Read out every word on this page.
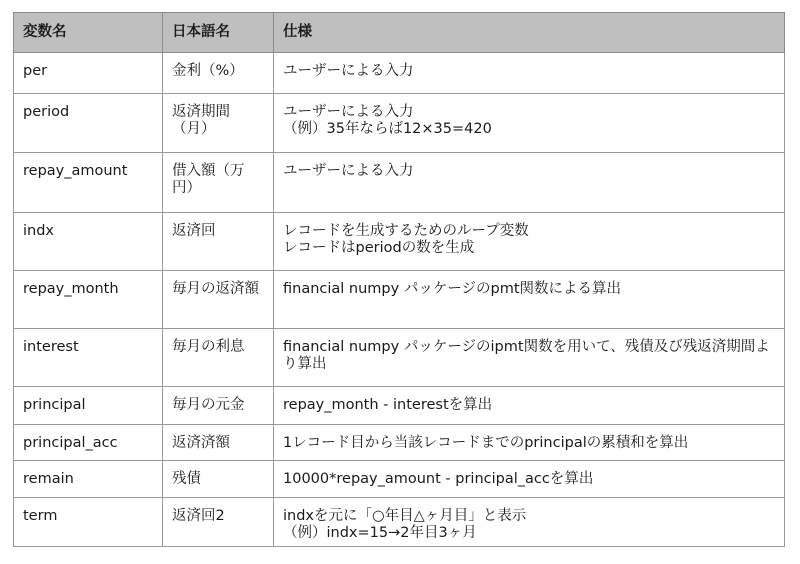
変数名	日本語名	仕様
per	金利（%）	ユーザーによる入力

period	返済期間（月）	ユーザーによる入力
（例）35年ならば12×35=420

repay_amount	借入額（万円）	ユーザーによる入力

indx	返済回	レコードを生成するためのループ変数
レコードはperiodの数を生成

repay_month	毎月の返済額	financial numpy パッケージのpmt関数による算出

interest	毎月の利息	financial numpy パッケージのipmt関数を用いて、残債及び残返済期間より算出

principal	毎月の元金	repay_month - interestを算出

principal_acc	返済済額	1レコード目から当該レコードまでのprincipalの累積和を算出

remain	残債	10000*repay_amount - principal_accを算出

term	返済回2	indxを元に「○年目△ヶ月目」と表示
（例）indx=15→2年目3ヶ月
